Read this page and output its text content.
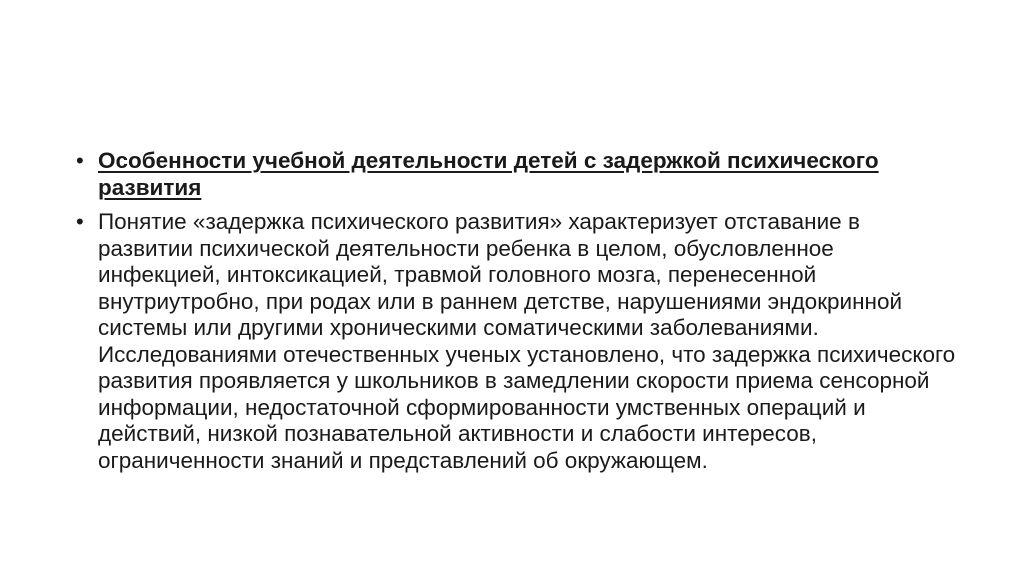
• Особенности учебной деятельности детей с задержкой психического развития
• Понятие «задержка психического развития» характеризует отставание в развитии психической деятельности ребенка в целом, обусловленное инфекцией, интоксикацией, травмой головного мозга, перенесенной внутриутробно, при родах или в раннем детстве, нарушениями эндокринной системы или другими хроническими соматическими заболеваниями. Исследованиями отечественных ученых установлено, что задержка психического развития проявляется у школьников в замедлении скорости приема сенсорной информации, недостаточной сформированности умственных операций и действий, низкой познавательной активности и слабости интересов, ограниченности знаний и представлений об окружающем.
